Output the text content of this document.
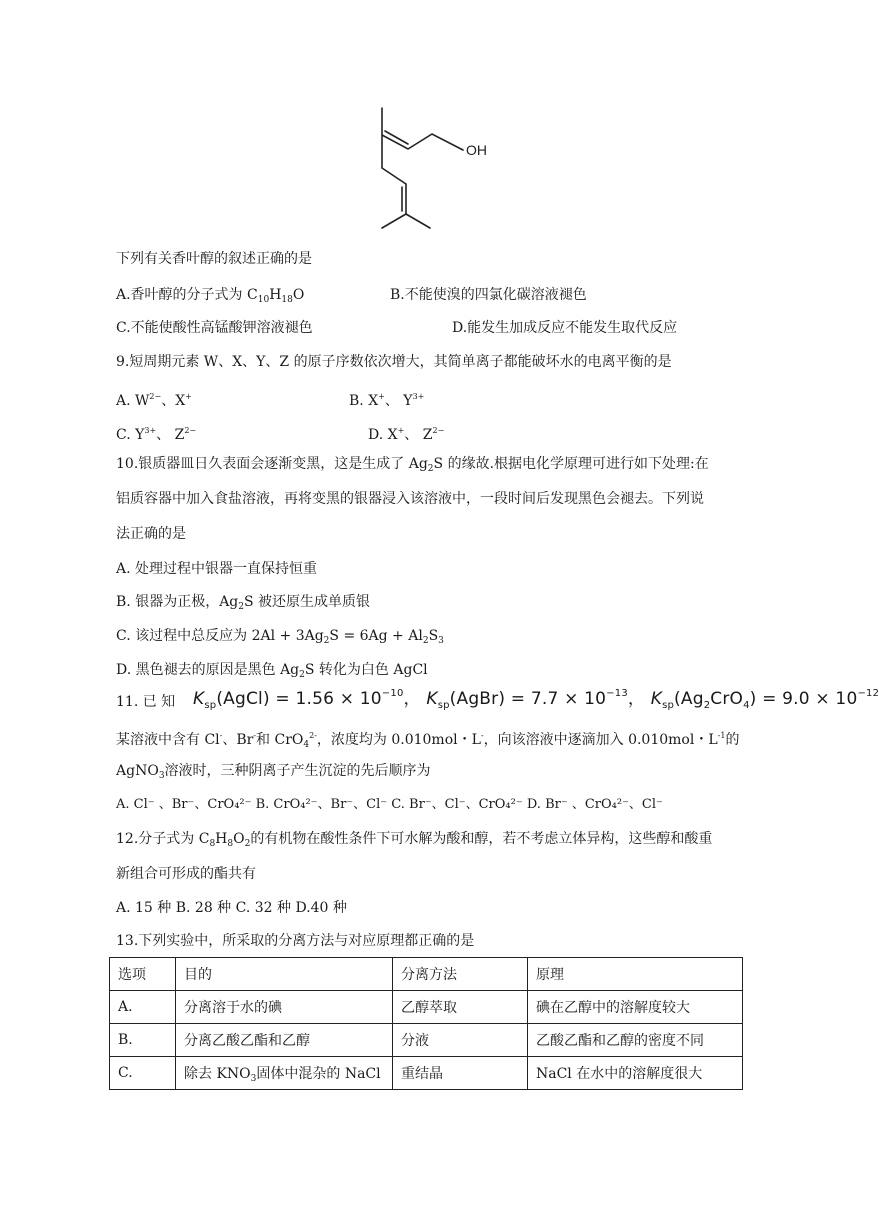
OH
下列有关香叶醇的叙述正确的是
A.香叶醇的分子式为 $C_{10}H_{18}O$	B.不能使溴的四氯化碳溶液褪色
C.不能使酸性高锰酸钾溶液褪色	D.能发生加成反应不能发生取代反应
9.短周期元素 W、X、Y、Z 的原子序数依次增大，其简单离子都能破坏水的电离平衡的是
A. $W^{2-}$、X+	B. X+、 $Y^{3+}$
C. $Y^{3+}$、 $Z^{2-}$	D. X+、 $Z^{2-}$
10.银质器皿日久表面会逐渐变黑，这是生成了 $Ag_2S$ 的缘故.根据电化学原理可进行如下处理:在
铝质容器中加入食盐溶液，再将变黑的银器浸入该溶液中，一段时间后发现黑色会褪去。下列说
法正确的是
A. 处理过程中银器一直保持恒重
B. 银器为正极，$Ag_2S$ 被还原生成单质银
C. 该过程中总反应为 $2Al + 3Ag_2S = 6Ag + Al_2S_3$
D. 黑色褪去的原因是黑色 $Ag_2S$ 转化为白色 AgCl
11. 已 知 $K_{sp}(AgCl) = 1.56 \times 10^{-10}$， $K_{sp}(AgBr) = 7.7 \times 10^{-13}$， $K_{sp}(Ag_2CrO_4) = 9.0 \times 10^{-12}$
某溶液中含有 Cl-、Br-和 CrO$_4^{2-}$，浓度均为 0.010mol・L-，向该溶液中逐滴加入 0.010mol・$L^{-1}$的
AgNO$_3$溶液时，三种阴离子产生沉淀的先后顺序为
A. Cl⁻ 、Br⁻、CrO₄²⁻ B. CrO₄²⁻、Br⁻、Cl⁻ C. Br⁻、Cl⁻、CrO₄²⁻ D. Br⁻ 、CrO₄²⁻、Cl⁻
12.分子式为 $C_8H_8O_2$的有机物在酸性条件下可水解为酸和醇，若不考虑立体异构，这些醇和酸重
新组合可形成的酯共有
A. 15 种 B. 28 种 C. 32 种 D.40 种
13.下列实验中，所采取的分离方法与对应原理都正确的是
选项	目的	分离方法	原理
A.	分离溶于水的碘	乙醇萃取	碘在乙醇中的溶解度较大
B.	分离乙酸乙酯和乙醇	分液	乙酸乙酯和乙醇的密度不同
C.	除去 $KNO_3$固体中混杂的 NaCl	重结晶	NaCl 在水中的溶解度很大
